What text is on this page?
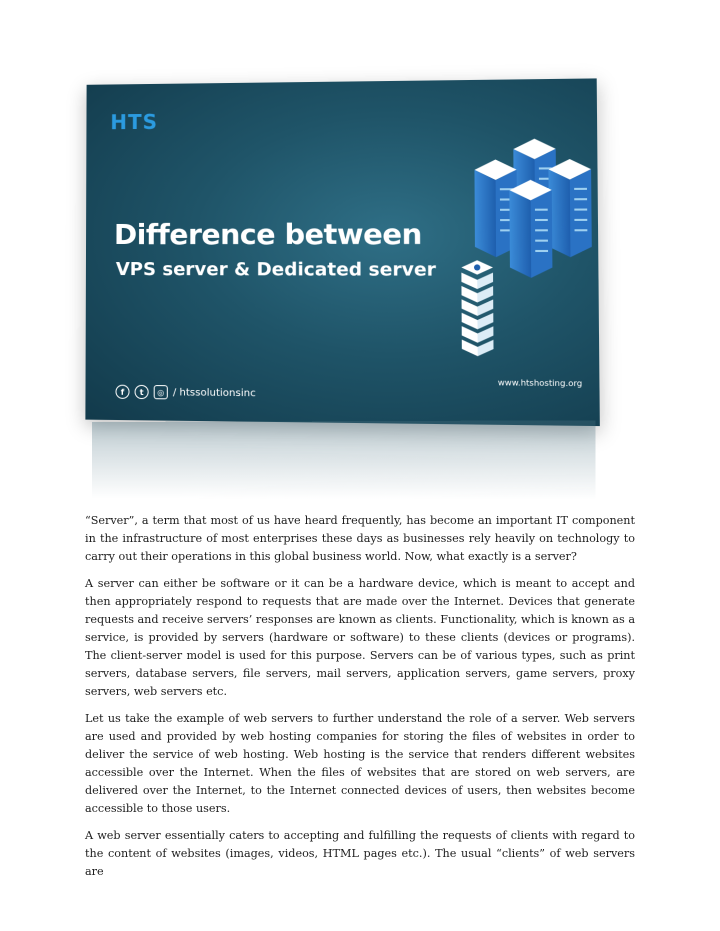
HTS
Difference between
VPS server & Dedicated server
f	t	◎ / htssolutionsinc
www.htshosting.org

“Server”, a term that most of us have heard frequently, has become an important IT component in the infrastructure of most enterprises these days as businesses rely heavily on technology to carry out their operations in this global business world. Now, what exactly is a server?

A server can either be software or it can be a hardware device, which is meant to accept and then appropriately respond to requests that are made over the Internet. Devices that generate requests and receive servers’ responses are known as clients. Functionality, which is known as a service, is provided by servers (hardware or software) to these clients (devices or programs). The client-server model is used for this purpose. Servers can be of various types, such as print servers, database servers, file servers, mail servers, application servers, game servers, proxy servers, web servers etc.

Let us take the example of web servers to further understand the role of a server. Web servers are used and provided by web hosting companies for storing the files of websites in order to deliver the service of web hosting. Web hosting is the service that renders different websites accessible over the Internet. When the files of websites that are stored on web servers, are delivered over the Internet, to the Internet connected devices of users, then websites become accessible to those users.

A web server essentially caters to accepting and fulfilling the requests of clients with regard to the content of websites (images, videos, HTML pages etc.). The usual “clients” of web servers are
